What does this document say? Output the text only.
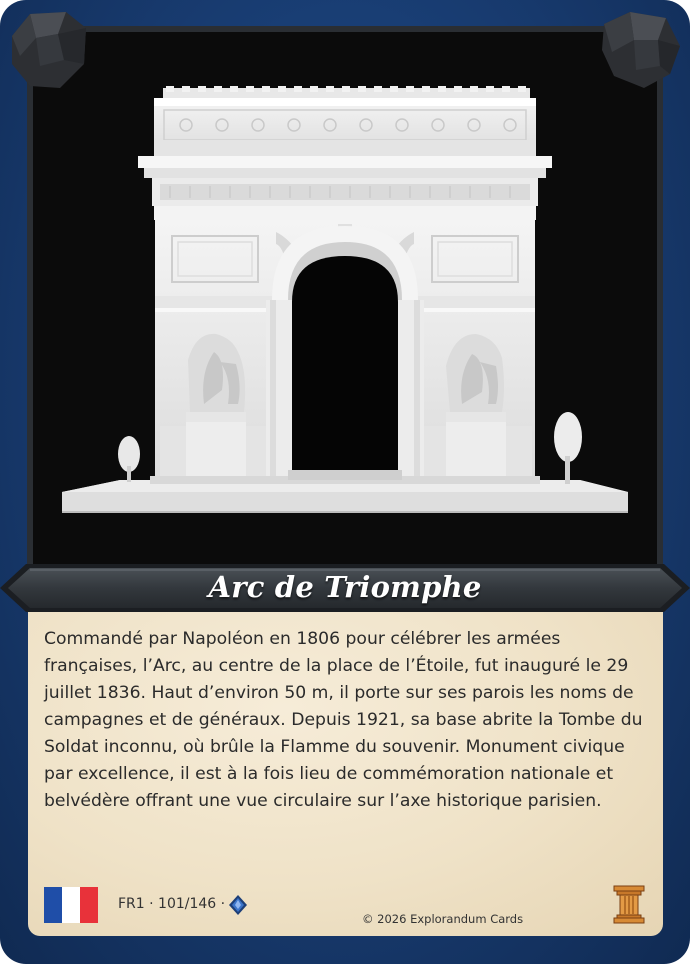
Arc de Triomphe

Commandé par Napoléon en 1806 pour célébrer les armées françaises, l’Arc, au centre de la place de l’Étoile, fut inauguré le 29 juillet 1836. Haut d’environ 50 m, il porte sur ses parois les noms de campagnes et de généraux. Depuis 1921, sa base abrite la Tombe du Soldat inconnu, où brûle la Flamme du souvenir. Monument civique par excellence, il est à la fois lieu de commémoration nationale et belvédère offrant une vue circulaire sur l’axe historique parisien.

FR1 · 101/146 ·
© 2026 Explorandum Cards
